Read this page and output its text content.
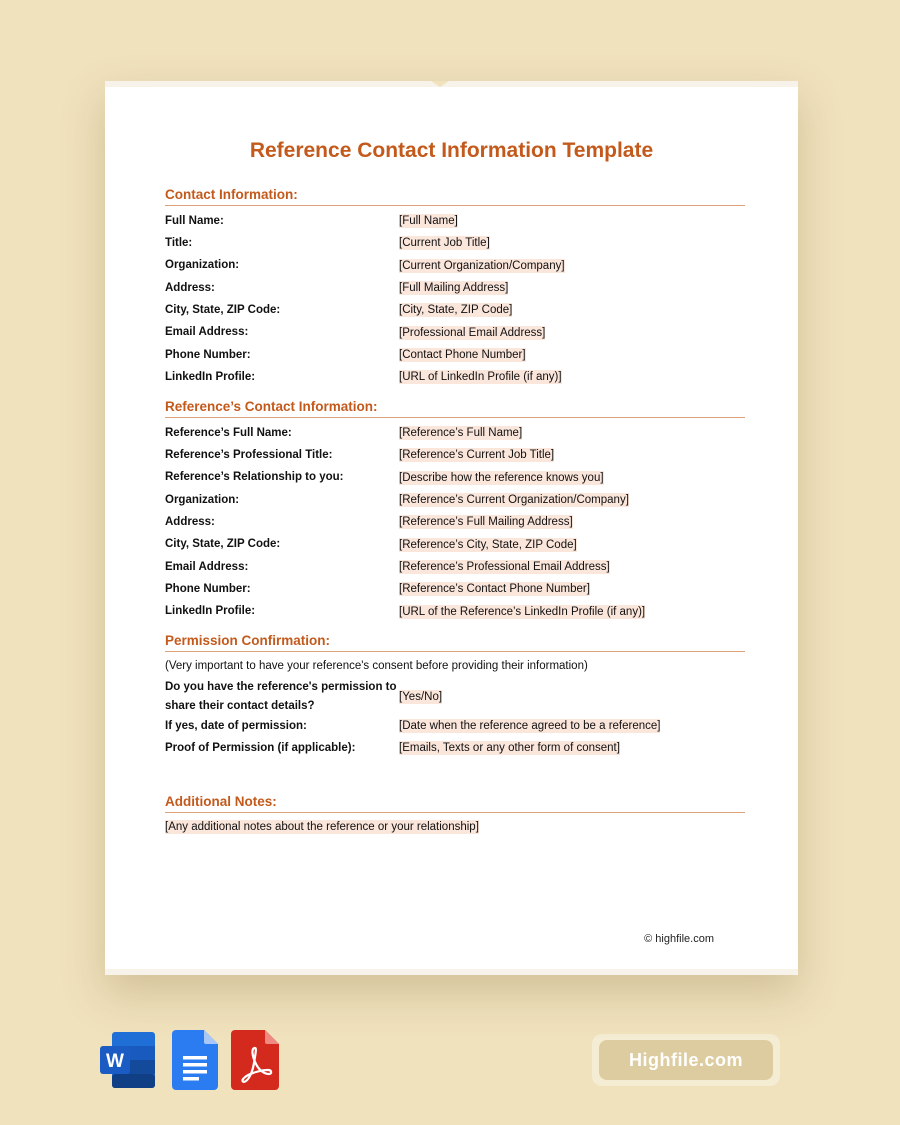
Reference Contact Information Template
Contact Information:
Full Name:	[Full Name]
Title:	[Current Job Title]
Organization:	[Current Organization/Company]
Address:	[Full Mailing Address]
City, State, ZIP Code:	[City, State, ZIP Code]
Email Address:	[Professional Email Address]
Phone Number:	[Contact Phone Number]
LinkedIn Profile:	[URL of LinkedIn Profile (if any)]
Reference’s Contact Information:
Reference’s Full Name:	[Reference’s Full Name]
Reference’s Professional Title:	[Reference’s Current Job Title]
Reference’s Relationship to you:	[Describe how the reference knows you]
Organization:	[Reference’s Current Organization/Company]
Address:	[Reference’s Full Mailing Address]
City, State, ZIP Code:	[Reference’s City, State, ZIP Code]
Email Address:	[Reference’s Professional Email Address]
Phone Number:	[Reference’s Contact Phone Number]
LinkedIn Profile:	[URL of the Reference’s LinkedIn Profile (if any)]
Permission Confirmation:
(Very important to have your reference's consent before providing their information)
Do you have the reference's permission to share their contact details?
[Yes/No]
If yes, date of permission:	[Date when the reference agreed to be a reference]
Proof of Permission (if applicable):	[Emails, Texts or any other form of consent]
Additional Notes:
[Any additional notes about the reference or your relationship]
© highfile.com
W	Highfile.com
